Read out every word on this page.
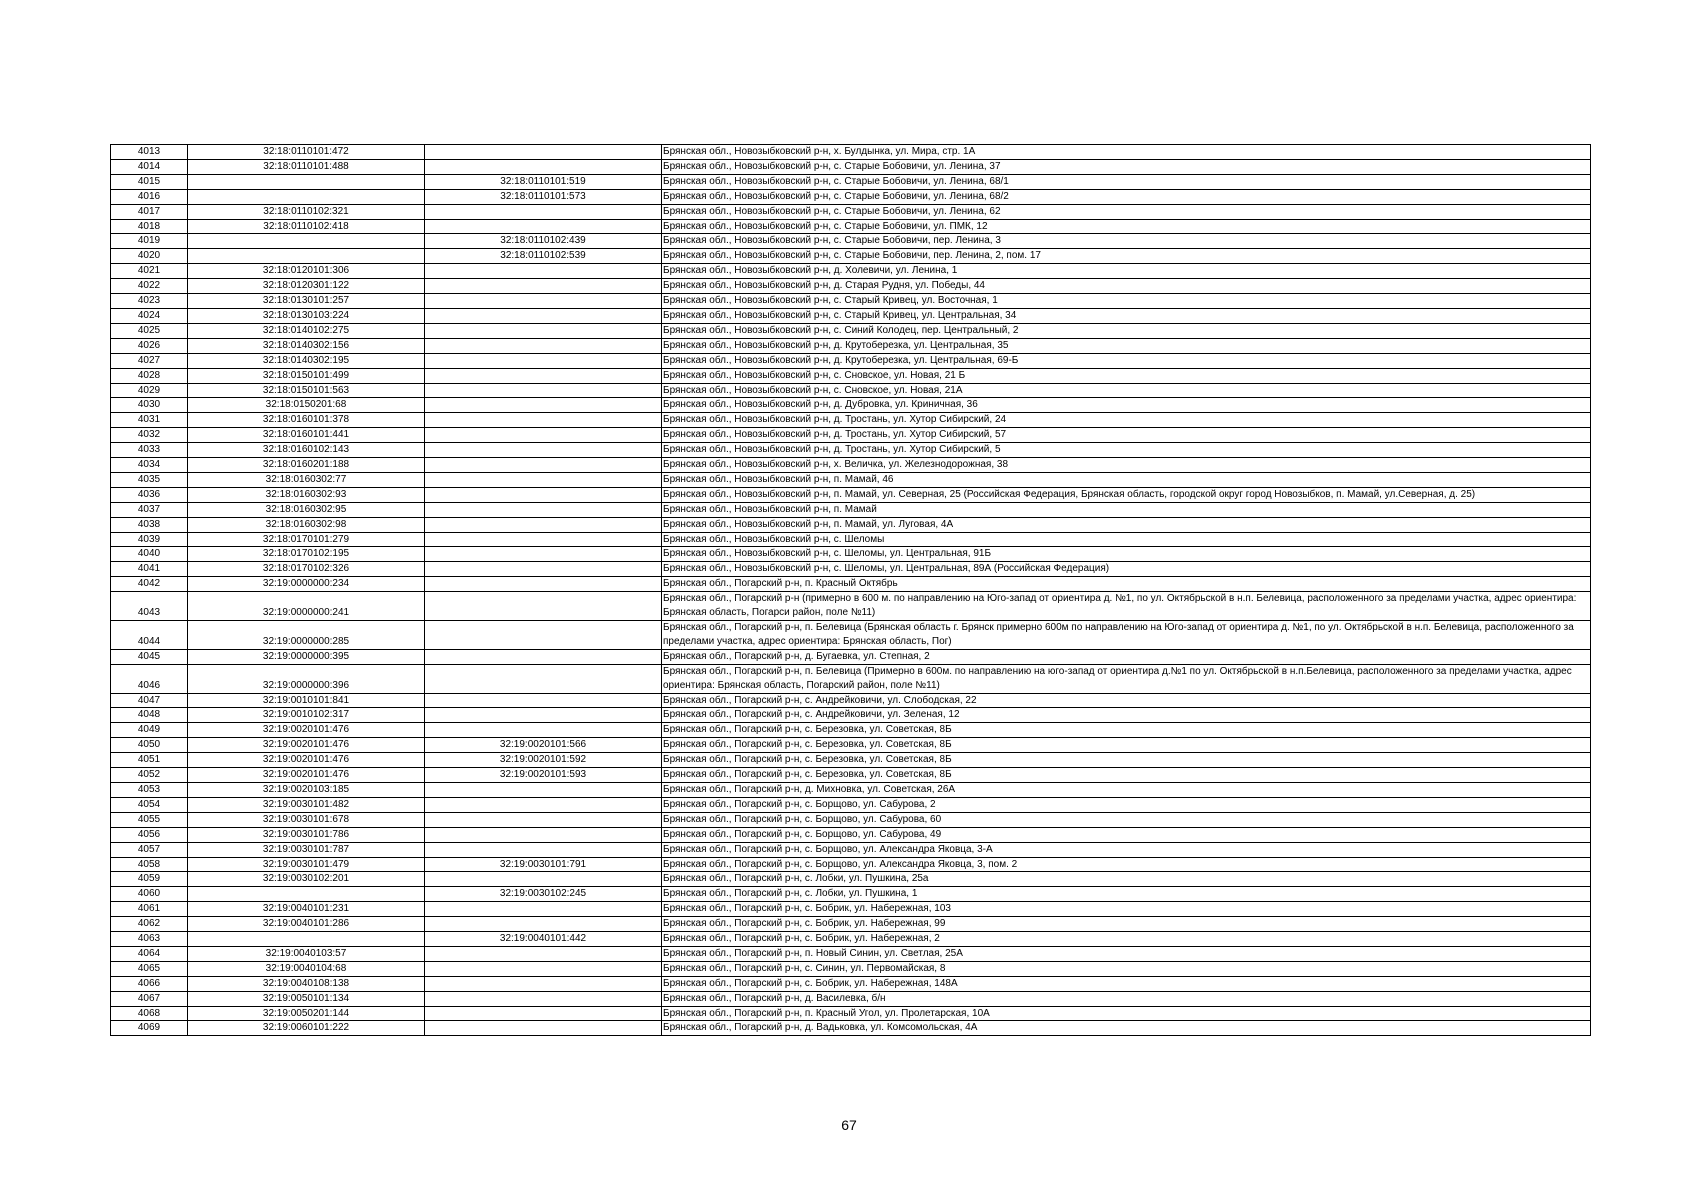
4013	32:18:0110101:472		Брянская обл., Новозыбковский р-н, х. Булдынка, ул. Мира, стр. 1А
4014	32:18:0110101:488		Брянская обл., Новозыбковский р-н, с. Старые Бобовичи, ул. Ленина, 37
4015		32:18:0110101:519	Брянская обл., Новозыбковский р-н, с. Старые Бобовичи, ул. Ленина, 68/1
4016		32:18:0110101:573	Брянская обл., Новозыбковский р-н, с. Старые Бобовичи, ул. Ленина, 68/2
4017	32:18:0110102:321		Брянская обл., Новозыбковский р-н, с. Старые Бобовичи, ул. Ленина, 62
4018	32:18:0110102:418		Брянская обл., Новозыбковский р-н, с. Старые Бобовичи, ул. ПМК, 12
4019		32:18:0110102:439	Брянская обл., Новозыбковский р-н, с. Старые Бобовичи, пер. Ленина, 3
4020		32:18:0110102:539	Брянская обл., Новозыбковский р-н, с. Старые Бобовичи, пер. Ленина, 2, пом. 17
4021	32:18:0120101:306		Брянская обл., Новозыбковский р-н, д. Холевичи, ул. Ленина, 1
4022	32:18:0120301:122		Брянская обл., Новозыбковский р-н, д. Старая Рудня, ул. Победы, 44
4023	32:18:0130101:257		Брянская обл., Новозыбковский р-н, с. Старый Кривец, ул. Восточная, 1
4024	32:18:0130103:224		Брянская обл., Новозыбковский р-н, с. Старый Кривец, ул. Центральная, 34
4025	32:18:0140102:275		Брянская обл., Новозыбковский р-н, с. Синий Колодец, пер. Центральный, 2
4026	32:18:0140302:156		Брянская обл., Новозыбковский р-н, д. Крутоберезка, ул. Центральная, 35
4027	32:18:0140302:195		Брянская обл., Новозыбковский р-н, д. Крутоберезка, ул. Центральная, 69-Б
4028	32:18:0150101:499		Брянская обл., Новозыбковский р-н, с. Сновское, ул. Новая, 21 Б
4029	32:18:0150101:563		Брянская обл., Новозыбковский р-н, с. Сновское, ул. Новая, 21А
4030	32:18:0150201:68		Брянская обл., Новозыбковский р-н, д. Дубровка, ул. Криничная, 36
4031	32:18:0160101:378		Брянская обл., Новозыбковский р-н, д. Тростань, ул. Хутор Сибирский, 24
4032	32:18:0160101:441		Брянская обл., Новозыбковский р-н, д. Тростань, ул. Хутор Сибирский, 57
4033	32:18:0160102:143		Брянская обл., Новозыбковский р-н, д. Тростань, ул. Хутор Сибирский, 5
4034	32:18:0160201:188		Брянская обл., Новозыбковский р-н, х. Величка, ул. Железнодорожная, 38
4035	32:18:0160302:77		Брянская обл., Новозыбковский р-н, п. Мамай, 46
4036	32:18:0160302:93		Брянская обл., Новозыбковский р-н, п. Мамай, ул. Северная, 25 (Российская Федерация, Брянская область, городской округ город Новозыбков, п. Мамай, ул.Северная, д. 25)
4037	32:18:0160302:95		Брянская обл., Новозыбковский р-н, п. Мамай
4038	32:18:0160302:98		Брянская обл., Новозыбковский р-н, п. Мамай, ул. Луговая, 4А
4039	32:18:0170101:279		Брянская обл., Новозыбковский р-н, с. Шеломы
4040	32:18:0170102:195		Брянская обл., Новозыбковский р-н, с. Шеломы, ул. Центральная, 91Б
4041	32:18:0170102:326		Брянская обл., Новозыбковский р-н, с. Шеломы, ул. Центральная, 89А (Российская Федерация)
4042	32:19:0000000:234		Брянская обл., Погарский р-н, п. Красный Октябрь
4043	32:19:0000000:241		Брянская обл., Погарский р-н (примерно в 600 м. по направлению на Юго-запад от ориентира д. №1, по ул. Октябрьской в н.п. Белевица, расположенного за пределами участка, адрес ориентира: Брянская область, Погарси район, поле №11)
4044	32:19:0000000:285		Брянская обл., Погарский р-н, п. Белевица (Брянская область г. Брянск примерно 600м по направлению на Юго-запад от ориентира д. №1, по ул. Октябрьской в н.п. Белевица, расположенного за пределами участка, адрес ориентира: Брянская область, Пог)
4045	32:19:0000000:395		Брянская обл., Погарский р-н, д. Бугаевка, ул. Степная, 2
4046	32:19:0000000:396		Брянская обл., Погарский р-н, п. Белевица (Примерно в 600м. по направлению на юго-запад от ориентира д.№1 по ул. Октябрьской в н.п.Белевица, расположенного за пределами участка, адрес ориентира: Брянская область, Погарский район, поле №11)
4047	32:19:0010101:841		Брянская обл., Погарский р-н, с. Андрейковичи, ул. Слободская, 22
4048	32:19:0010102:317		Брянская обл., Погарский р-н, с. Андрейковичи, ул. Зеленая, 12
4049	32:19:0020101:476		Брянская обл., Погарский р-н, с. Березовка, ул. Советская, 8Б
4050	32:19:0020101:476	32:19:0020101:566	Брянская обл., Погарский р-н, с. Березовка, ул. Советская, 8Б
4051	32:19:0020101:476	32:19:0020101:592	Брянская обл., Погарский р-н, с. Березовка, ул. Советская, 8Б
4052	32:19:0020101:476	32:19:0020101:593	Брянская обл., Погарский р-н, с. Березовка, ул. Советская, 8Б
4053	32:19:0020103:185		Брянская обл., Погарский р-н, д. Михновка, ул. Советская, 26А
4054	32:19:0030101:482		Брянская обл., Погарский р-н, с. Борщово, ул. Сабурова, 2
4055	32:19:0030101:678		Брянская обл., Погарский р-н, с. Борщово, ул. Сабурова, 60
4056	32:19:0030101:786		Брянская обл., Погарский р-н, с. Борщово, ул. Сабурова, 49
4057	32:19:0030101:787		Брянская обл., Погарский р-н, с. Борщово, ул. Александра Яковца, 3-А
4058	32:19:0030101:479	32:19:0030101:791	Брянская обл., Погарский р-н, с. Борщово, ул. Александра Яковца, 3, пом. 2
4059	32:19:0030102:201		Брянская обл., Погарский р-н, с. Лобки, ул. Пушкина, 25а
4060		32:19:0030102:245	Брянская обл., Погарский р-н, с. Лобки, ул. Пушкина, 1
4061	32:19:0040101:231		Брянская обл., Погарский р-н, с. Бобрик, ул. Набережная, 103
4062	32:19:0040101:286		Брянская обл., Погарский р-н, с. Бобрик, ул. Набережная, 99
4063		32:19:0040101:442	Брянская обл., Погарский р-н, с. Бобрик, ул. Набережная, 2
4064	32:19:0040103:57		Брянская обл., Погарский р-н, п. Новый Синин, ул. Светлая, 25А
4065	32:19:0040104:68		Брянская обл., Погарский р-н, с. Синин, ул. Первомайская, 8
4066	32:19:0040108:138		Брянская обл., Погарский р-н, с. Бобрик, ул. Набережная, 148А
4067	32:19:0050101:134		Брянская обл., Погарский р-н, д. Василевка, б/н
4068	32:19:0050201:144		Брянская обл., Погарский р-н, п. Красный Угол, ул. Пролетарская, 10А
4069	32:19:0060101:222		Брянская обл., Погарский р-н, д. Вадьковка, ул. Комсомольская, 4А
67
